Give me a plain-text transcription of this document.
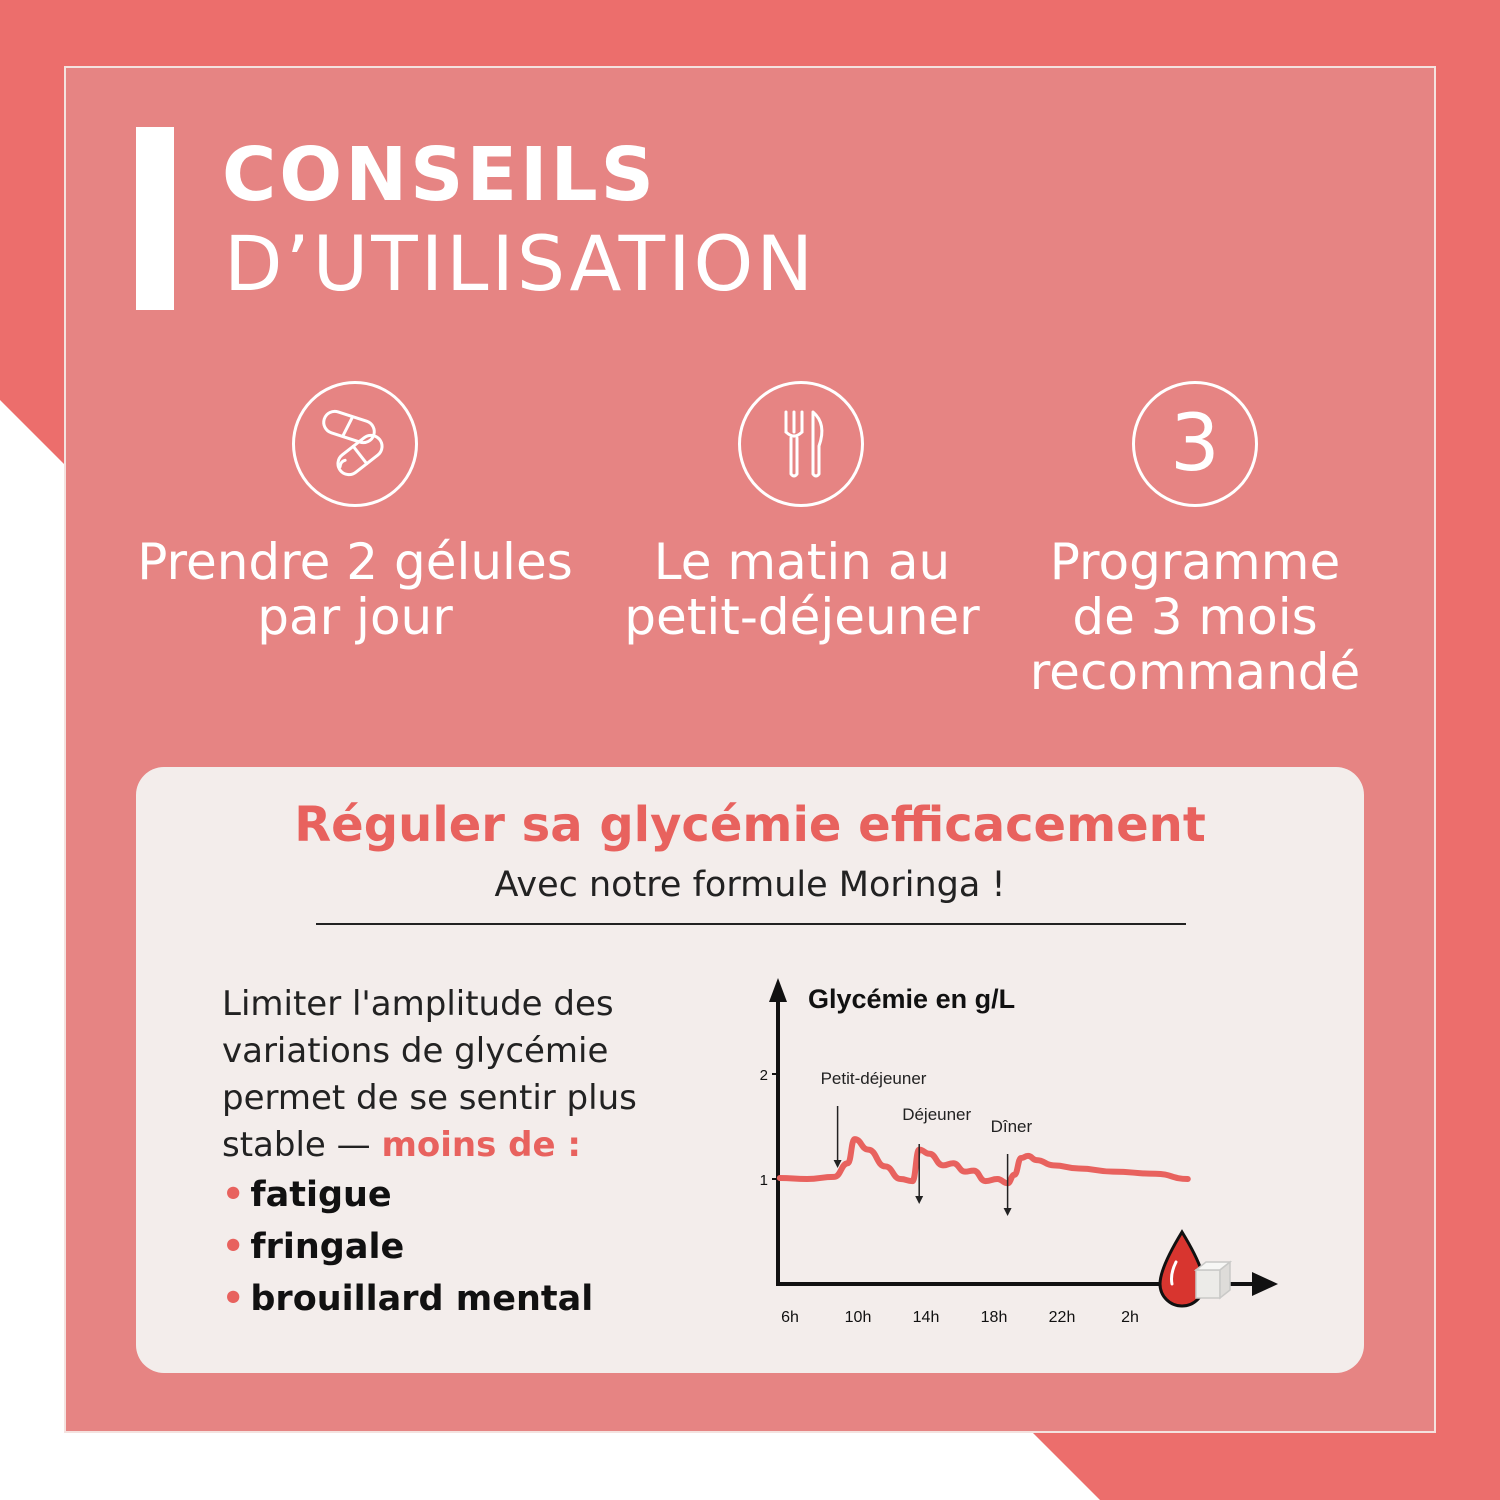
CONSEILS
D’UTILISATION
Prendre 2 gélules
par jour
Le matin au
petit-déjeuner
3
Programme
de 3 mois
recommandé
Réguler sa glycémie efficacement
Avec notre formule Moringa !
Limiter l'amplitude des
variations de glycémie
permet de se sentir plus
stable — moins de :
• fatigue
• fringale
• brouillard mental
Glycémie en g/L
1
2
6h	10h	14h	18h	22h	2h
Petit-déjeuner
Déjeuner
Dîner
